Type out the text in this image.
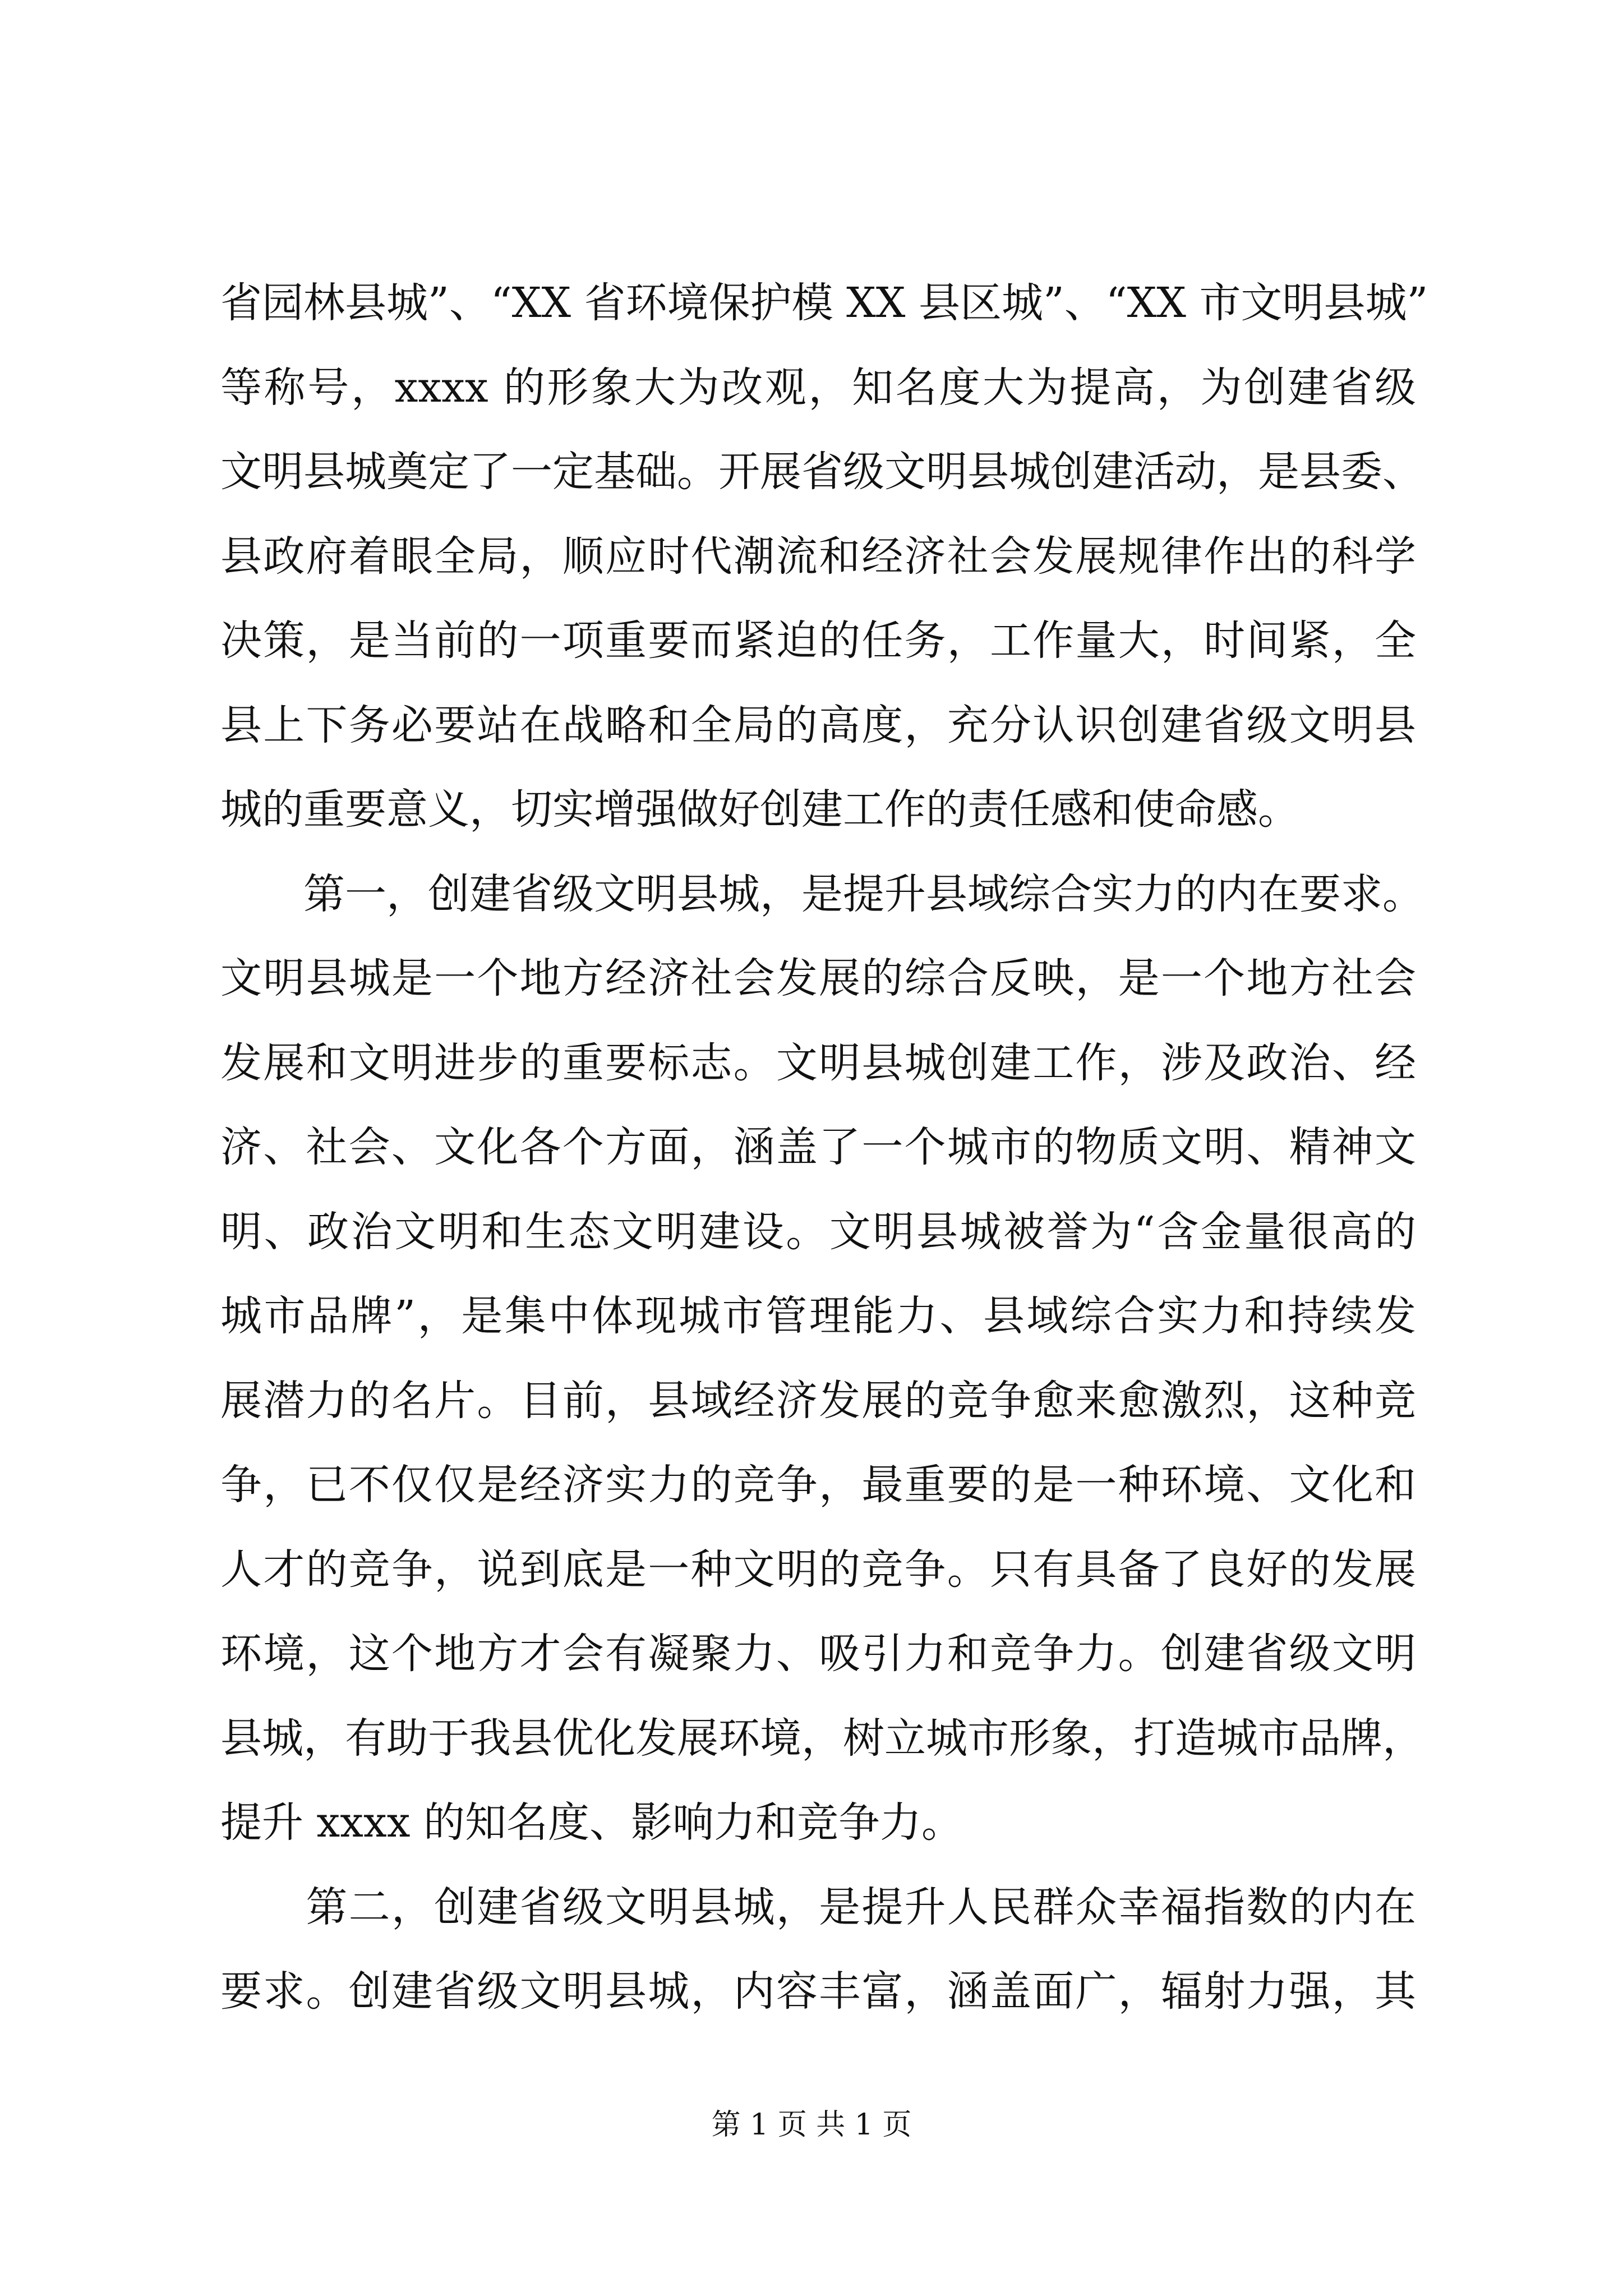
省园林县城”、“XX 省环境保护模 XX 县区城”、“XX 市文明县城”
等称号，xxxx 的形象大为改观，知名度大为提高，为创建省级
文明县城奠定了一定基础。开展省级文明县城创建活动，是县委、
县政府着眼全局，顺应时代潮流和经济社会发展规律作出的科学
决策，是当前的一项重要而紧迫的任务，工作量大，时间紧，全
县上下务必要站在战略和全局的高度，充分认识创建省级文明县
城的重要意义，切实增强做好创建工作的责任感和使命感。
　　第一，创建省级文明县城，是提升县域综合实力的内在要求。
文明县城是一个地方经济社会发展的综合反映，是一个地方社会
发展和文明进步的重要标志。文明县城创建工作，涉及政治、经
济、社会、文化各个方面，涵盖了一个城市的物质文明、精神文
明、政治文明和生态文明建设。文明县城被誉为“含金量很高的
城市品牌”，是集中体现城市管理能力、县域综合实力和持续发
展潜力的名片。目前，县域经济发展的竞争愈来愈激烈，这种竞
争，已不仅仅是经济实力的竞争，最重要的是一种环境、文化和
人才的竞争，说到底是一种文明的竞争。只有具备了良好的发展
环境，这个地方才会有凝聚力、吸引力和竞争力。创建省级文明
县城，有助于我县优化发展环境，树立城市形象，打造城市品牌，
提升 xxxx 的知名度、影响力和竞争力。
　　第二，创建省级文明县城，是提升人民群众幸福指数的内在
要求。创建省级文明县城，内容丰富，涵盖面广，辐射力强，其
第 1 页 共 1 页
